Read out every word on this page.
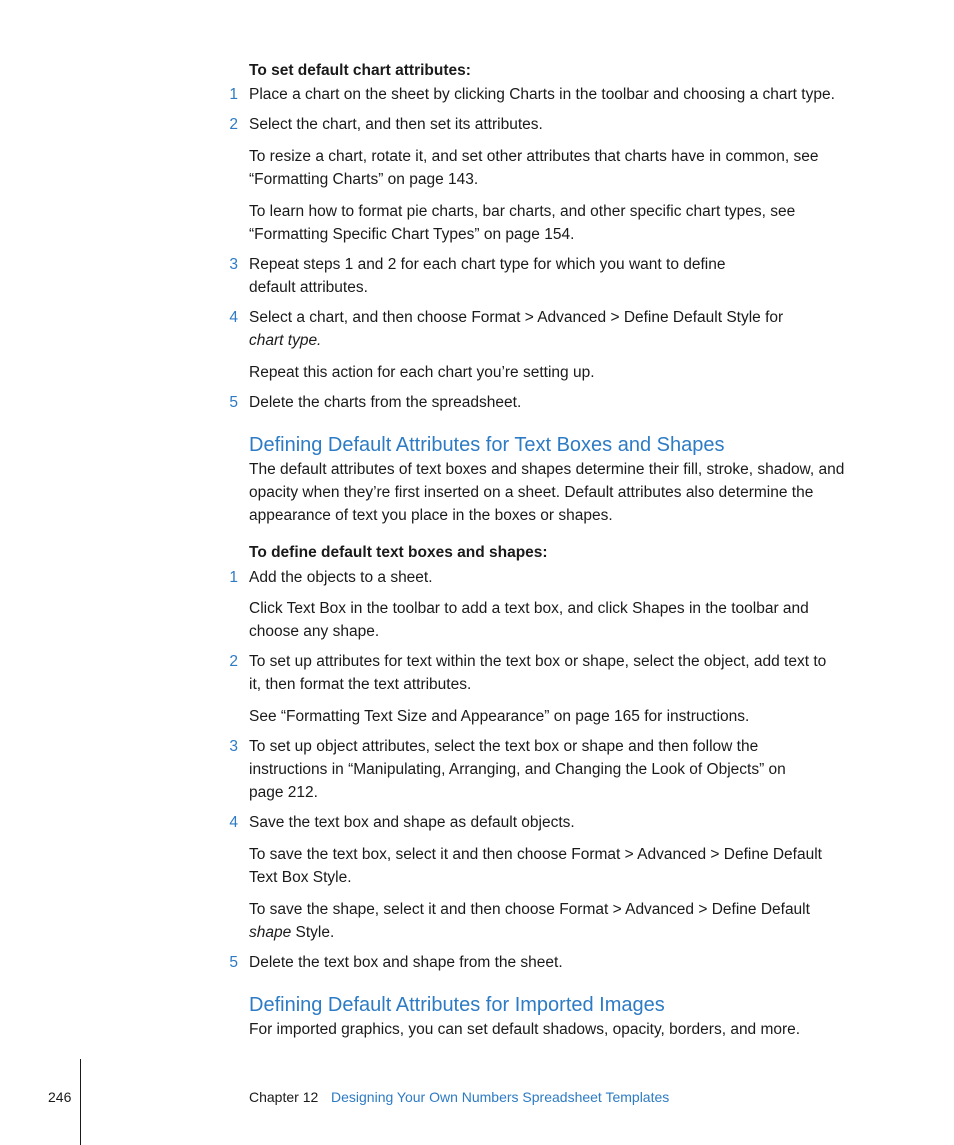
To set default chart attributes:
1 Place a chart on the sheet by clicking Charts in the toolbar and choosing a chart type.
2 Select the chart, and then set its attributes.
To resize a chart, rotate it, and set other attributes that charts have in common, see
“Formatting Charts” on page 143.
To learn how to format pie charts, bar charts, and other specific chart types, see
“Formatting Specific Chart Types” on page 154.
3 Repeat steps 1 and 2 for each chart type for which you want to define
default attributes.
4 Select a chart, and then choose Format > Advanced > Define Default Style for
chart type.
Repeat this action for each chart you’re setting up.
5 Delete the charts from the spreadsheet.
Defining Default Attributes for Text Boxes and Shapes
The default attributes of text boxes and shapes determine their fill, stroke, shadow, and
opacity when they’re first inserted on a sheet. Default attributes also determine the
appearance of text you place in the boxes or shapes.
To define default text boxes and shapes:
1 Add the objects to a sheet.
Click Text Box in the toolbar to add a text box, and click Shapes in the toolbar and
choose any shape.
2 To set up attributes for text within the text box or shape, select the object, add text to
it, then format the text attributes.
See “Formatting Text Size and Appearance” on page 165 for instructions.
3 To set up object attributes, select the text box or shape and then follow the
instructions in “Manipulating, Arranging, and Changing the Look of Objects” on
page 212.
4 Save the text box and shape as default objects.
To save the text box, select it and then choose Format > Advanced > Define Default
Text Box Style.
To save the shape, select it and then choose Format > Advanced > Define Default
shape Style.
5 Delete the text box and shape from the sheet.
Defining Default Attributes for Imported Images
For imported graphics, you can set default shadows, opacity, borders, and more.
246	Chapter 12 Designing Your Own Numbers Spreadsheet Templates
